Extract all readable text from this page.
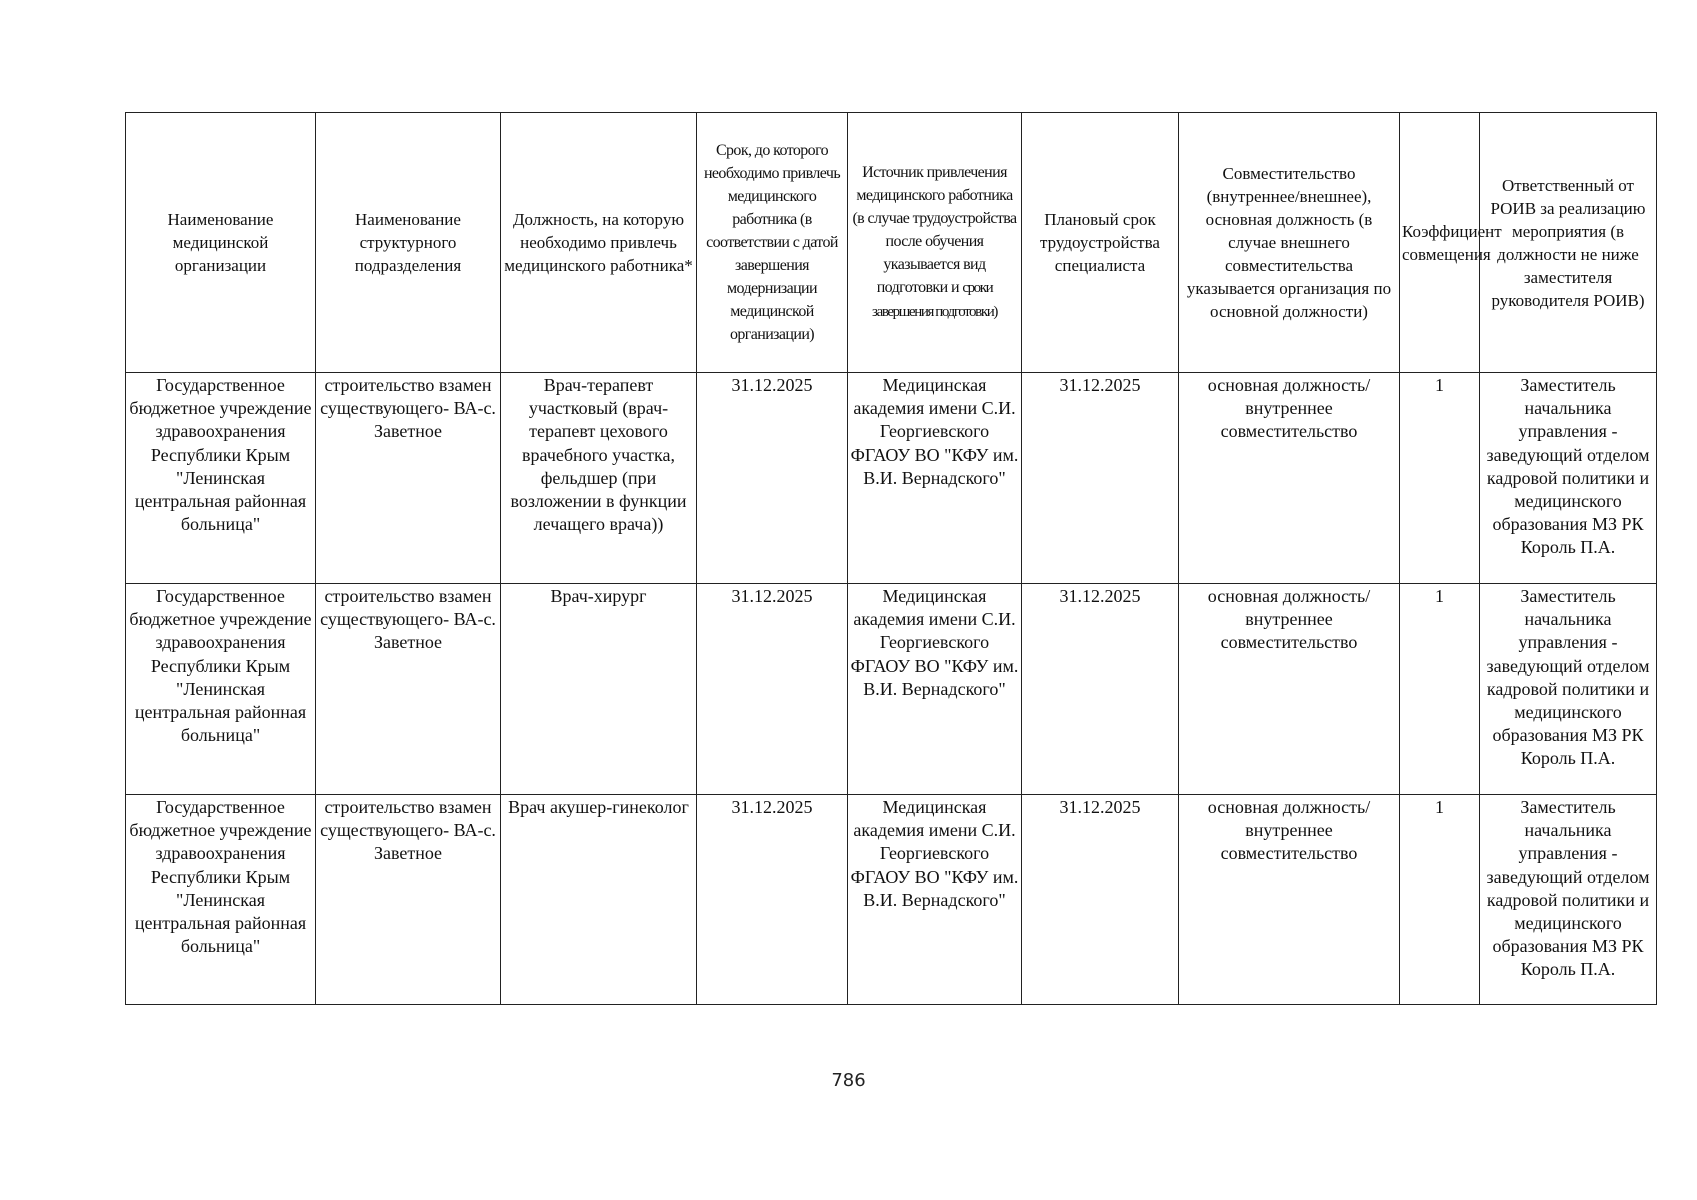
Наименование медицинской организации	Наименование структурного подразделения	Должность, на которую необходимо привлечь медицинского работника*	Срок, до которого необходимо привлечь медицинского работника (в соответствии с датой завершения модернизации медицинской организации)	Источник привлечения медицинского работника (в случае трудоустройства после обучения указывается вид подготовки и сроки завершения подготовки)	Плановый срок трудоустройства специалиста	Совместительство (внутреннее/внешнее), основная должность (в случае внешнего совместительства указывается организация по основной должности)	Коэффициент совмещения	Ответственный от РОИВ за реализацию мероприятия (в должности не ниже заместителя руководителя РОИВ)
Государственное бюджетное учреждение здравоохранения Республики Крым "Ленинская центральная районная больница"	строительство взамен существующего- ВА-с. Заветное	Врач-терапевт участковый (врач-терапевт цехового врачебного участка, фельдшер (при возложении в функции лечащего врача))	31.12.2025	Медицинская академия имени С.И. Георгиевского ФГАОУ ВО "КФУ им. В.И. Вернадского"	31.12.2025	основная должность/ внутреннее совместительство	1	Заместитель начальника управления - заведующий отделом кадровой политики и медицинского образования МЗ РК Король П.А.
Государственное бюджетное учреждение здравоохранения Республики Крым "Ленинская центральная районная больница"	строительство взамен существующего- ВА-с. Заветное	Врач-хирург	31.12.2025	Медицинская академия имени С.И. Георгиевского ФГАОУ ВО "КФУ им. В.И. Вернадского"	31.12.2025	основная должность/ внутреннее совместительство	1	Заместитель начальника управления - заведующий отделом кадровой политики и медицинского образования МЗ РК Король П.А.
Государственное бюджетное учреждение здравоохранения Республики Крым "Ленинская центральная районная больница"	строительство взамен существующего- ВА-с. Заветное	Врач акушер-гинеколог	31.12.2025	Медицинская академия имени С.И. Георгиевского ФГАОУ ВО "КФУ им. В.И. Вернадского"	31.12.2025	основная должность/ внутреннее совместительство	1	Заместитель начальника управления - заведующий отделом кадровой политики и медицинского образования МЗ РК Король П.А.
786
